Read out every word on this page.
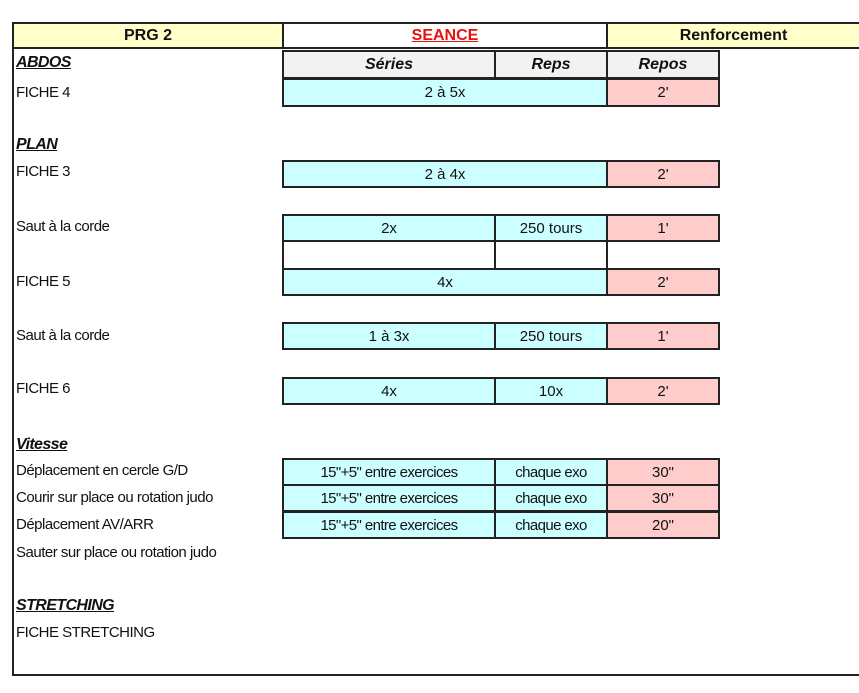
PRG 2	SEANCE	Renforcement
ABDOS	Séries	Reps	Repos
FICHE 4	2 à 5x	2'
PLAN
FICHE 3	2 à 4x	2'
Saut à la corde	2x	250 tours	1'
FICHE 5	4x	2'
Saut à la corde	1 à 3x	250 tours	1'
FICHE 6	4x	10x	2'
Vitesse
Déplacement en cercle G/D	15"+5" entre exercices	chaque exo	30"
Courir sur place ou rotation judo	15"+5" entre exercices	chaque exo	30"
Déplacement AV/ARR	15"+5" entre exercices	chaque exo	20"
Sauter sur place ou rotation judo
STRETCHING
FICHE STRETCHING
